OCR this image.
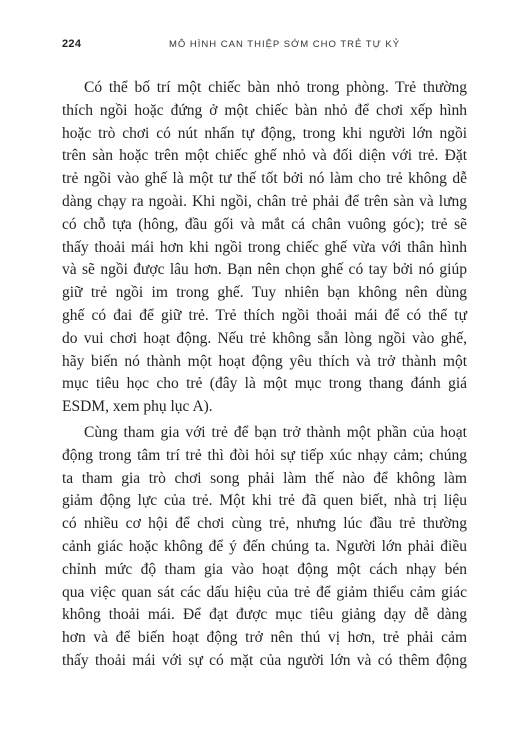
224	MÔ HÌNH CAN THIỆP SỚM CHO TRẺ TỰ KỶ

Có thể bố trí một chiếc bàn nhỏ trong phòng. Trẻ thường
thích ngồi hoặc đứng ở một chiếc bàn nhỏ để chơi xếp hình
hoặc trò chơi có nút nhấn tự động, trong khi người lớn ngồi
trên sàn hoặc trên một chiếc ghế nhỏ và đối diện với trẻ. Đặt
trẻ ngồi vào ghế là một tư thế tốt bởi nó làm cho trẻ không dễ
dàng chạy ra ngoài. Khi ngồi, chân trẻ phải để trên sàn và lưng
có chỗ tựa (hông, đầu gối và mắt cá chân vuông góc); trẻ sẽ
thấy thoải mái hơn khi ngồi trong chiếc ghế vừa với thân hình
và sẽ ngồi được lâu hơn. Bạn nên chọn ghế có tay bởi nó giúp
giữ trẻ ngồi im trong ghế. Tuy nhiên bạn không nên dùng
ghế có đai để giữ trẻ. Trẻ thích ngồi thoải mái để có thể tự
do vui chơi hoạt động. Nếu trẻ không sẵn lòng ngồi vào ghế,
hãy biến nó thành một hoạt động yêu thích và trở thành một
mục tiêu học cho trẻ (đây là một mục trong thang đánh giá
ESDM, xem phụ lục A).

Cùng tham gia với trẻ để bạn trở thành một phần của hoạt
động trong tâm trí trẻ thì đòi hỏi sự tiếp xúc nhạy cảm; chúng
ta tham gia trò chơi song phải làm thế nào để không làm
giảm động lực của trẻ. Một khi trẻ đã quen biết, nhà trị liệu
có nhiều cơ hội để chơi cùng trẻ, nhưng lúc đầu trẻ thường
cảnh giác hoặc không để ý đến chúng ta. Người lớn phải điều
chỉnh mức độ tham gia vào hoạt động một cách nhạy bén
qua việc quan sát các dấu hiệu của trẻ để giảm thiểu cảm giác
không thoải mái. Để đạt được mục tiêu giảng dạy dễ dàng
hơn và để biến hoạt động trở nên thú vị hơn, trẻ phải cảm
thấy thoải mái với sự có mặt của người lớn và có thêm động
